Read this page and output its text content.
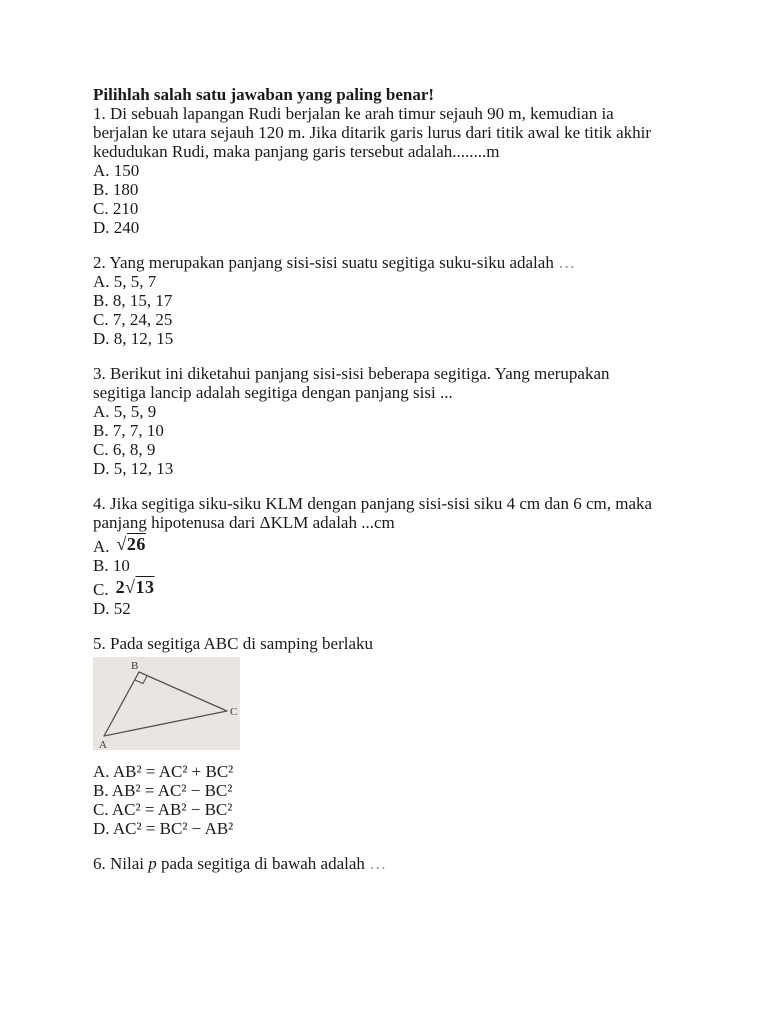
Pilihlah salah satu jawaban yang paling benar!

1. Di sebuah lapangan Rudi berjalan ke arah timur sejauh 90 m, kemudian ia

berjalan ke utara sejauh 120 m. Jika ditarik garis lurus dari titik awal ke titik akhir

kedudukan Rudi, maka panjang garis tersebut adalah........m

A. 150

B. 180

C. 210

D. 240

2. Yang merupakan panjang sisi-sisi suatu segitiga suku-siku adalah …

A. 5, 5, 7

B. 8, 15, 17

C. 7, 24, 25

D. 8, 12, 15

3. Berikut ini diketahui panjang sisi-sisi beberapa segitiga. Yang merupakan

segitiga lancip adalah segitiga dengan panjang sisi ...

A. 5, 5, 9

B. 7, 7, 10

C. 6, 8, 9

D. 5, 12, 13

4. Jika segitiga siku-siku KLM dengan panjang sisi-sisi siku 4 cm dan 6 cm, maka

panjang hipotenusa dari ΔKLM adalah ...cm

A. √26

B. 10

C. 2√13

D. 52

5. Pada segitiga ABC di samping berlaku

B
C
A

A. AB² = AC² + BC²

B. AB² = AC² − BC²

C. AC² = AB² − BC²

D. AC² = BC² − AB²

6. Nilai p pada segitiga di bawah adalah …
